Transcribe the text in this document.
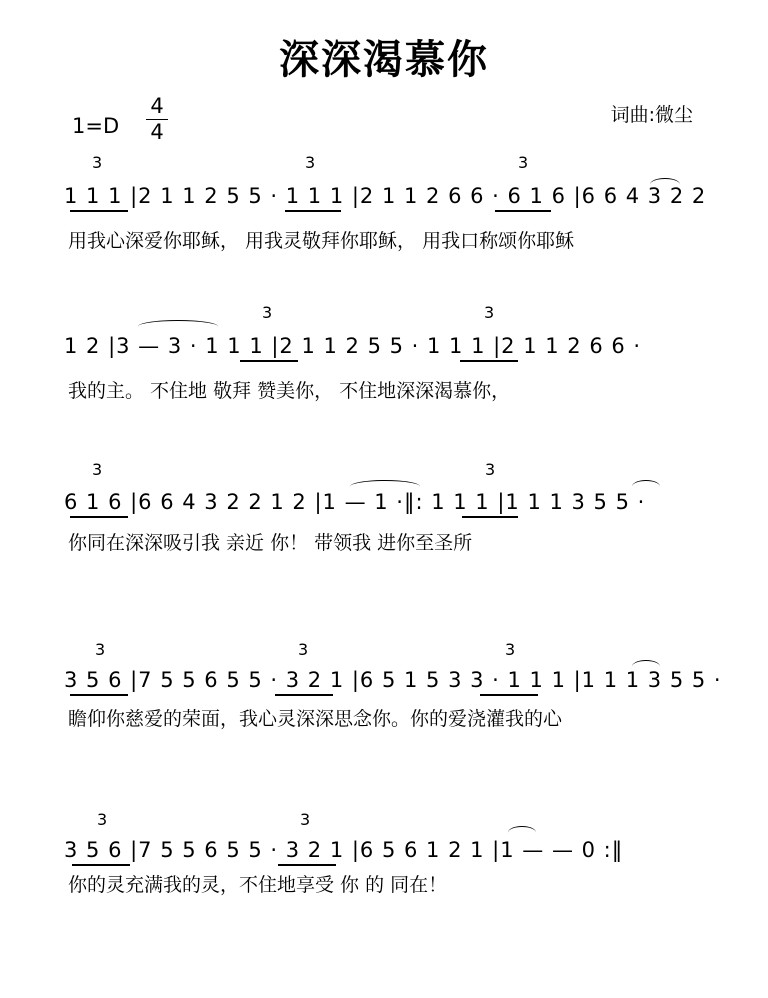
深深渴慕你
1=D
4
4
词曲:微尘
3	3	3
1 1 1 |2 1 1 2 5 5 · 1 1 1 |2 1 1 2 6 6 · 6 1 6 |6 6 4 3 2 2
用我心深爱你耶稣， 用我灵敬拜你耶稣， 用我口称颂你耶稣
3	3
1 2 |3 — 3 · 1 1 1 |2 1 1 2 5 5 · 1 1 1 |2 1 1 2 6 6 ·
我的主。 不住地 敬拜 赞美你， 不住地深深渴慕你，
3	3
6 1 6 |6 6 4 3 2 2 1 2 |1 — 1 ·‖: 1 1 1 |1 1 1 3 5 5 ·
你同在深深吸引我 亲近 你！ 带领我 进你至圣所
3	3	3
3 5 6 |7 5 5 6 5 5 · 3 2 1 |6 5 1 5 3 3 · 1 1 1 |1 1 1 3 5 5 ·
瞻仰你慈爱的荣面，我心灵深深思念你。你的爱浇灌我的心
3	3
3 5 6 |7 5 5 6 5 5 · 3 2 1 |6 5 6 1 2 1 |1 — — 0 :‖
你的灵充满我的灵，不住地享受 你 的 同在！
